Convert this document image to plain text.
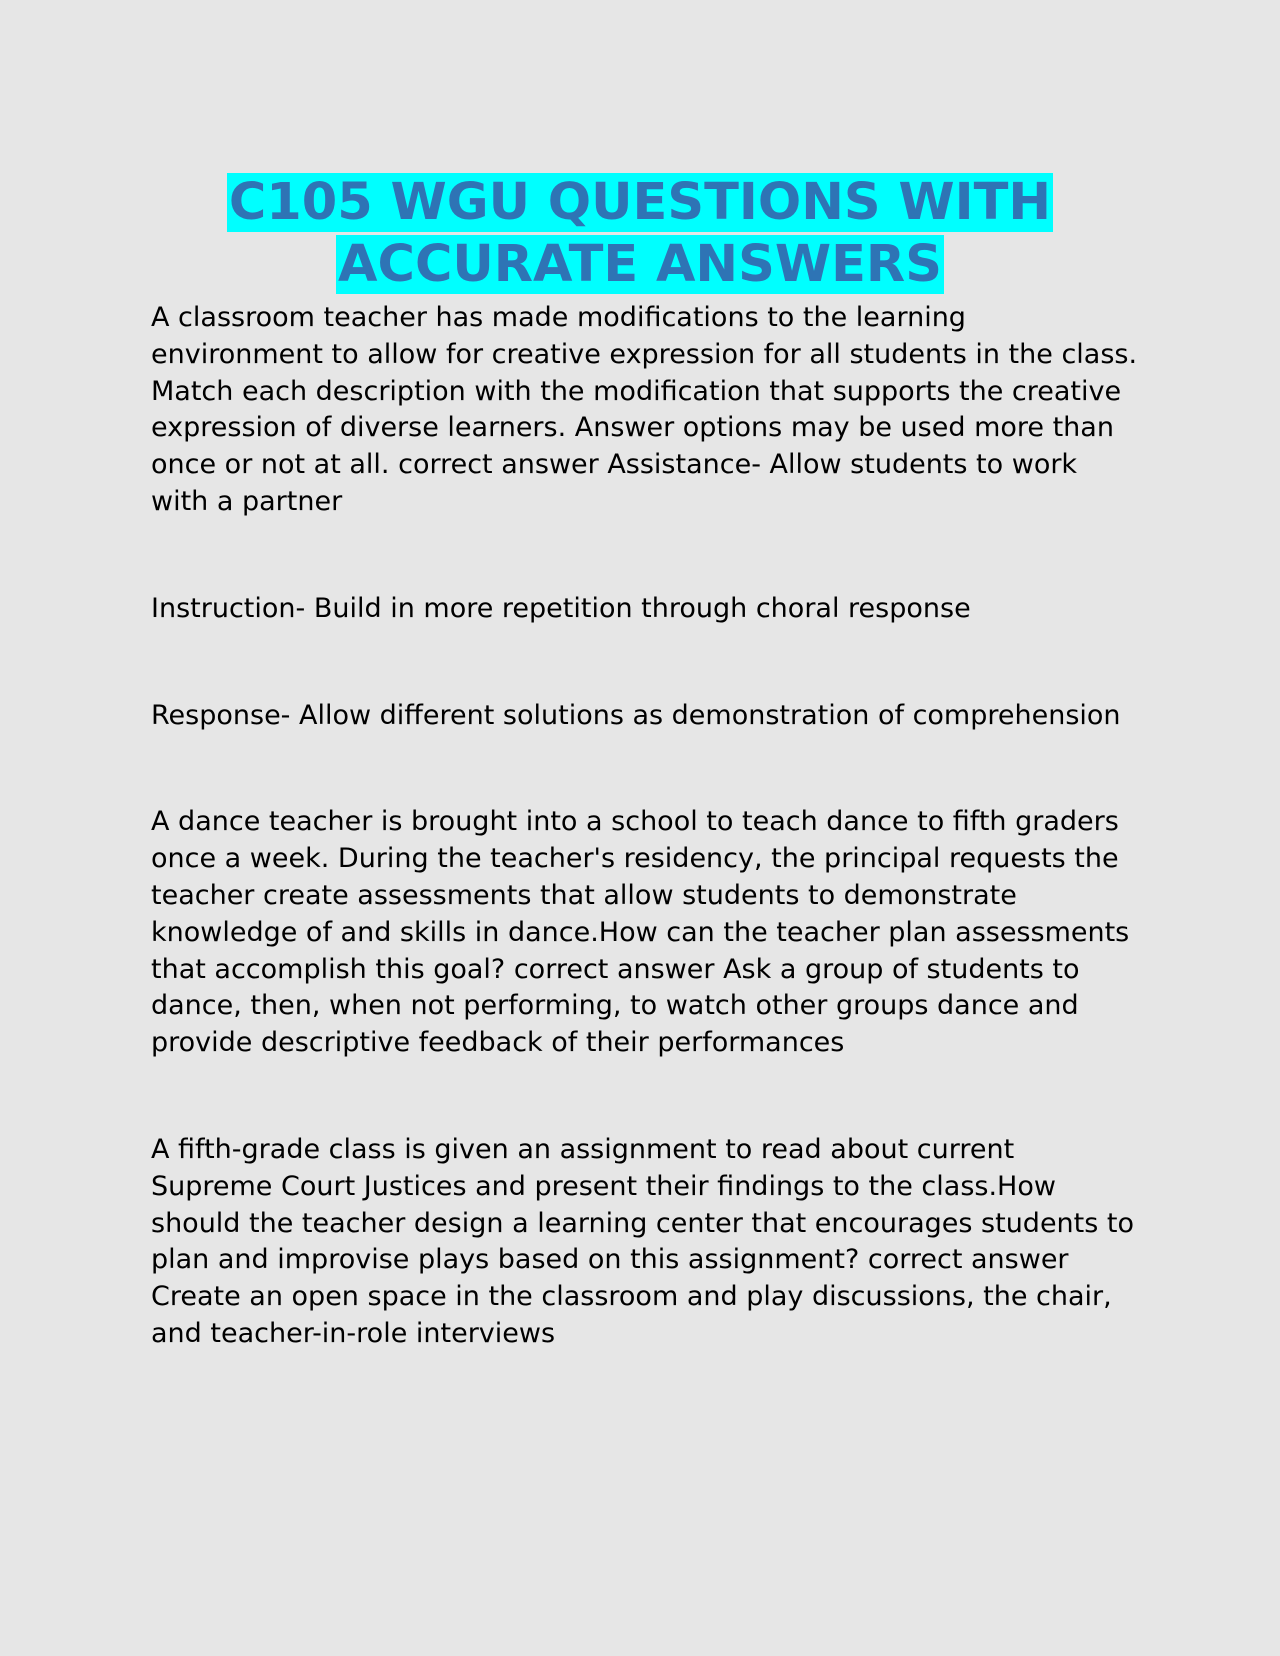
C105 WGU QUESTIONS WITH
ACCURATE ANSWERS

A classroom teacher has made modifications to the learning environment to allow for creative expression for all students in the class. Match each description with the modification that supports the creative expression of diverse learners. Answer options may be used more than once or not at all. correct answer Assistance- Allow students to work with a partner

Instruction- Build in more repetition through choral response

Response- Allow different solutions as demonstration of comprehension

A dance teacher is brought into a school to teach dance to fifth graders once a week. During the teacher's residency, the principal requests the teacher create assessments that allow students to demonstrate knowledge of and skills in dance.How can the teacher plan assessments that accomplish this goal? correct answer Ask a group of students to dance, then, when not performing, to watch other groups dance and provide descriptive feedback of their performances

A fifth-grade class is given an assignment to read about current Supreme Court Justices and present their findings to the class.How should the teacher design a learning center that encourages students to plan and improvise plays based on this assignment? correct answer Create an open space in the classroom and play discussions, the chair, and teacher-in-role interviews
